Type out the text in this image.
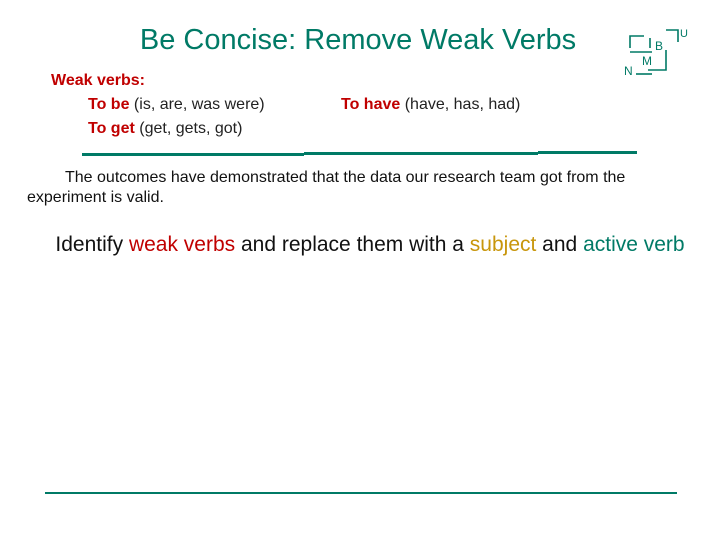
Be Concise: Remove Weak Verbs	U
B
M
N
Weak verbs:
To be (is, are, was were)
To get (get, gets, got)
To have (have, has, had)
The outcomes have demonstrated that the data our research team got from the experiment is valid.
Identify weak verbs and replace them with a subject and active verb
